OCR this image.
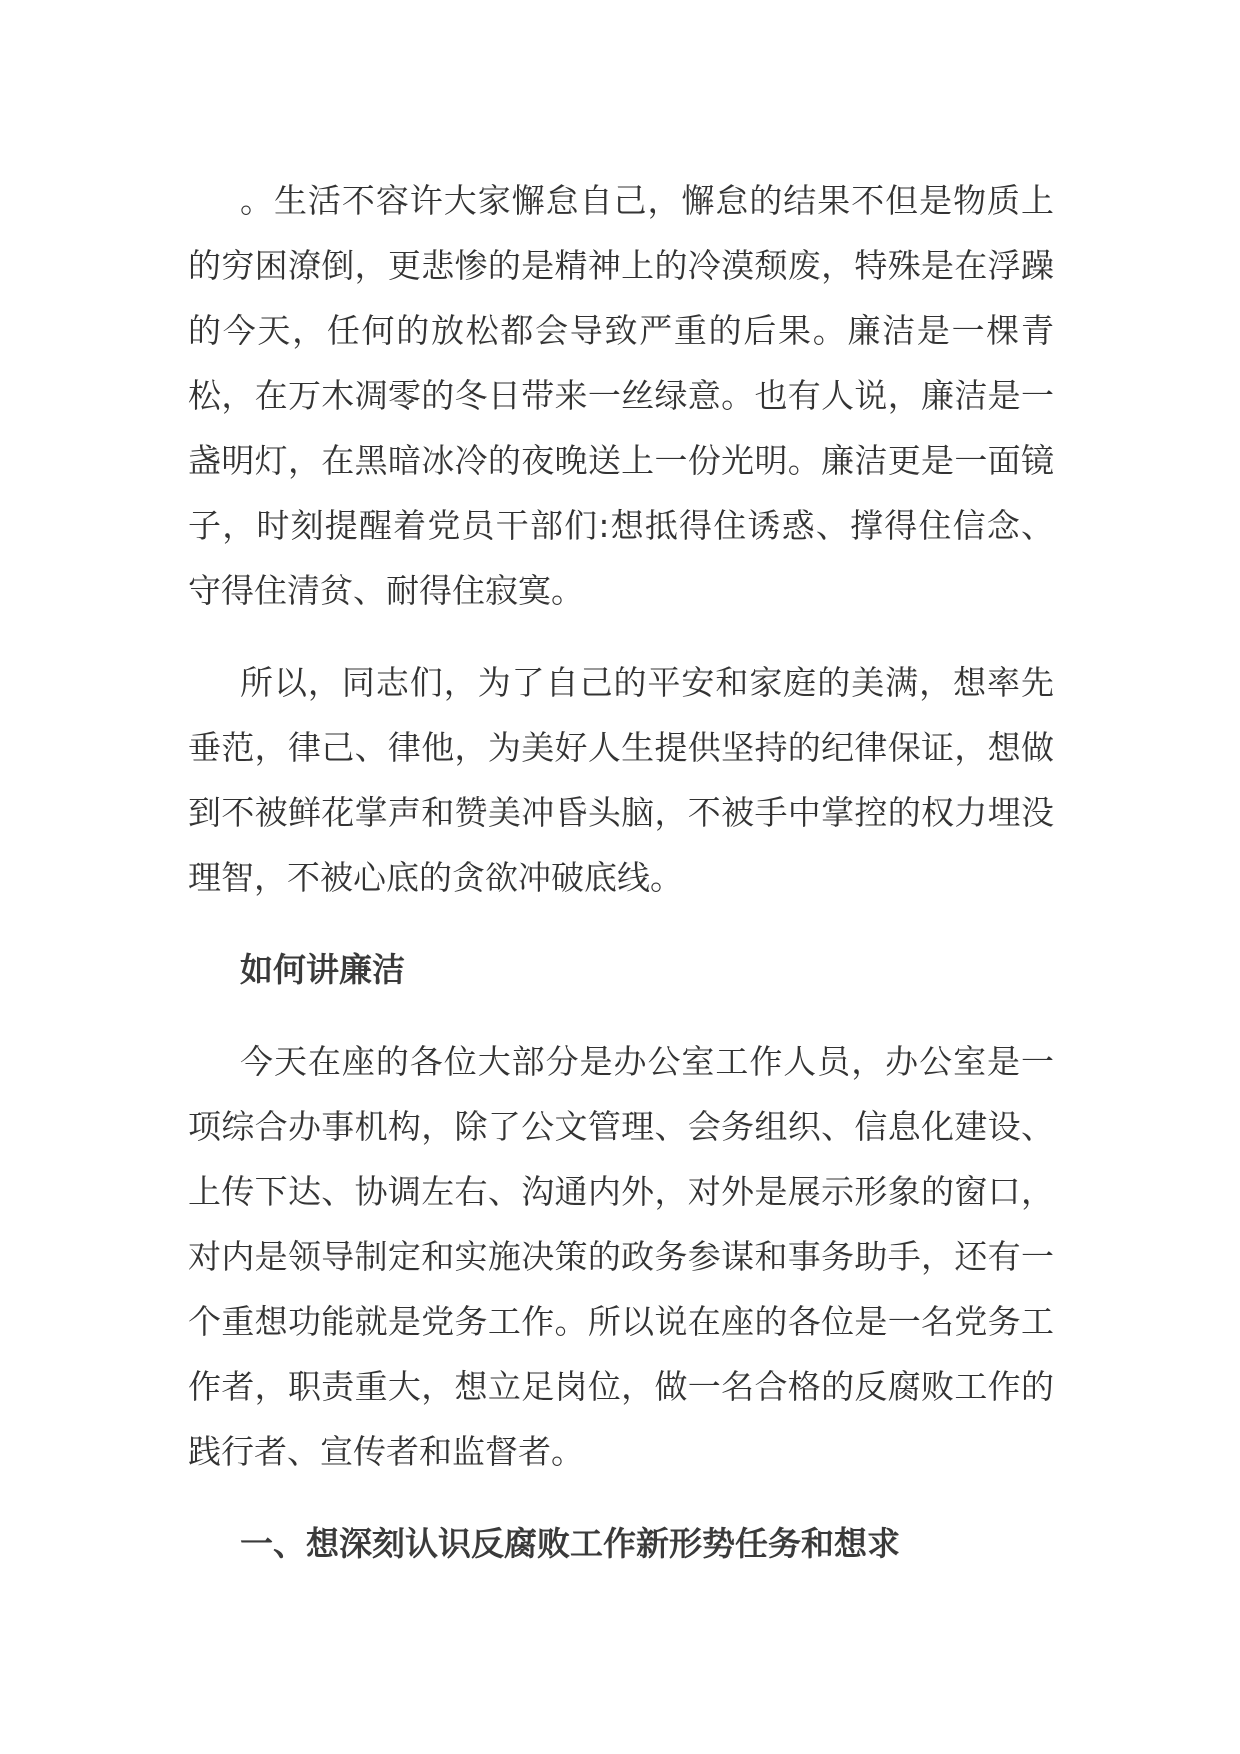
。生活不容许大家懈怠自己，懈怠的结果不但是物质上的穷困潦倒，更悲惨的是精神上的冷漠颓废，特殊是在浮躁的今天，任何的放松都会导致严重的后果。廉洁是一棵青松，在万木凋零的冬日带来一丝绿意。也有人说，廉洁是一盏明灯，在黑暗冰冷的夜晚送上一份光明。廉洁更是一面镜子，时刻提醒着党员干部们:想抵得住诱惑、撑得住信念、守得住清贫、耐得住寂寞。

所以，同志们，为了自己的平安和家庭的美满，想率先垂范，律己、律他，为美好人生提供坚持的纪律保证，想做到不被鲜花掌声和赞美冲昏头脑，不被手中掌控的权力埋没理智，不被心底的贪欲冲破底线。

如何讲廉洁

今天在座的各位大部分是办公室工作人员，办公室是一项综合办事机构，除了公文管理、会务组织、信息化建设、上传下达、协调左右、沟通内外，对外是展示形象的窗口，对内是领导制定和实施决策的政务参谋和事务助手，还有一个重想功能就是党务工作。所以说在座的各位是一名党务工作者，职责重大，想立足岗位，做一名合格的反腐败工作的践行者、宣传者和监督者。

一、想深刻认识反腐败工作新形势任务和想求
